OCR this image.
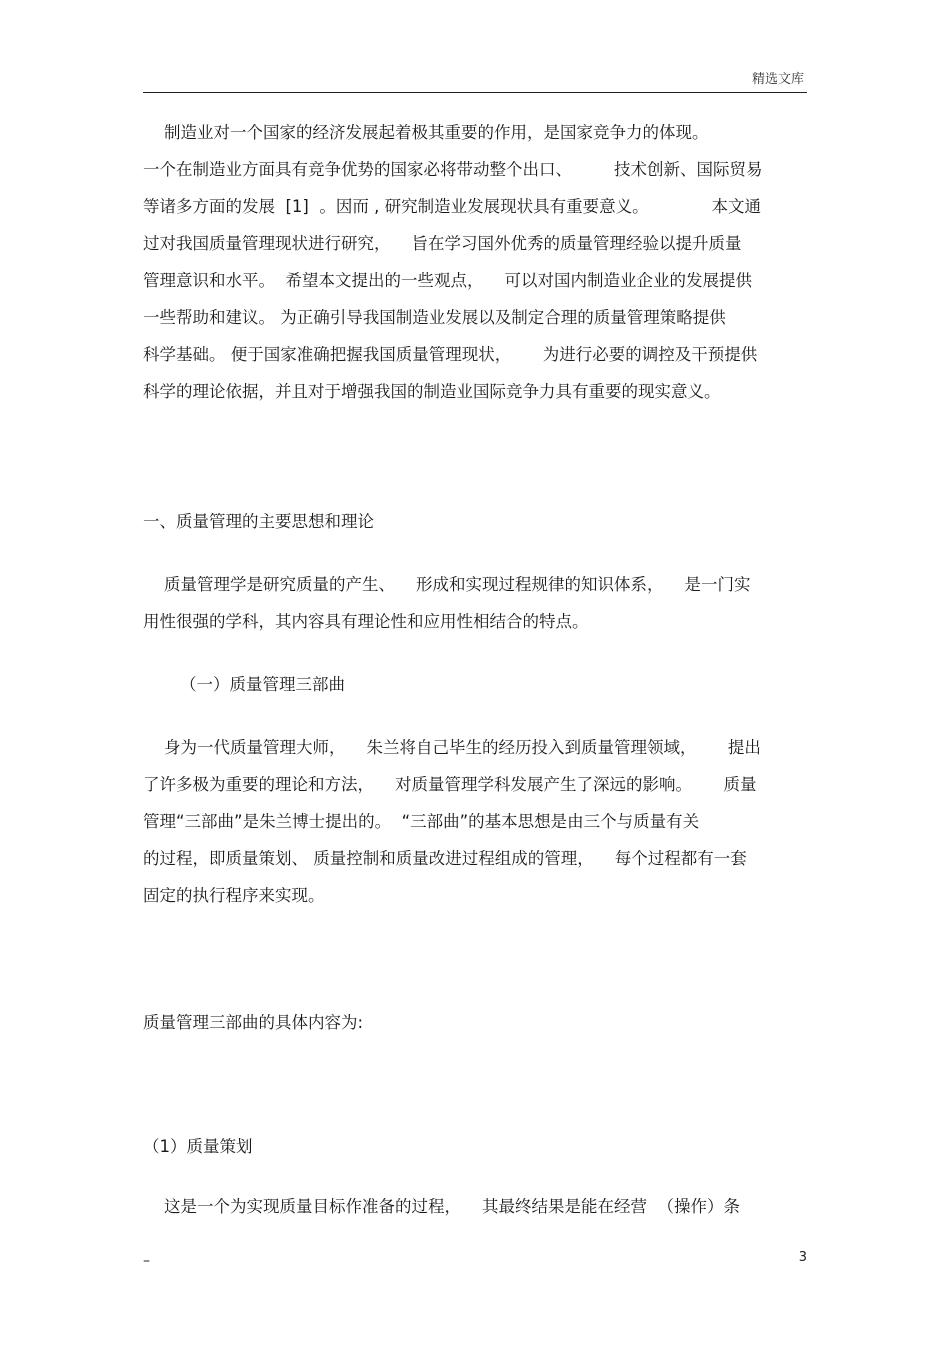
精选文库
制造业对一个国家的经济发展起着极其重要的作用，是国家竞争力的体现。
一个在制造业方面具有竞争优势的国家必将带动整个出口、        技术创新、国际贸易
等诸多方面的发展  [1]  。因而 , 研究制造业发展现状具有重要意义。            本文通
过对我国质量管理现状进行研究，    旨在学习国外优秀的质量管理经验以提升质量
管理意识和水平。  希望本文提出的一些观点，    可以对国内制造业企业的发展提供
一些帮助和建议。 为正确引导我国制造业发展以及制定合理的质量管理策略提供
科学基础。 便于国家准确把握我国质量管理现状，      为进行必要的调控及干预提供
科学的理论依据，并且对于增强我国的制造业国际竞争力具有重要的现实意义。
一、质量管理的主要思想和理论
质量管理学是研究质量的产生、    形成和实现过程规律的知识体系，    是一门实
用性很强的学科，其内容具有理论性和应用性相结合的特点。
（一）质量管理三部曲
身为一代质量管理大师，    朱兰将自己毕生的经历投入到质量管理领域，      提出
了许多极为重要的理论和方法，    对质量管理学科发展产生了深远的影响。      质量
管理“三部曲”是朱兰博士提出的。  “三部曲”的基本思想是由三个与质量有关
的过程，即质量策划、 质量控制和质量改进过程组成的管理，    每个过程都有一套
固定的执行程序来实现。
质量管理三部曲的具体内容为:
（1）质量策划
这是一个为实现质量目标作准备的过程，    其最终结果是能在经营  （操作）条
–	3
